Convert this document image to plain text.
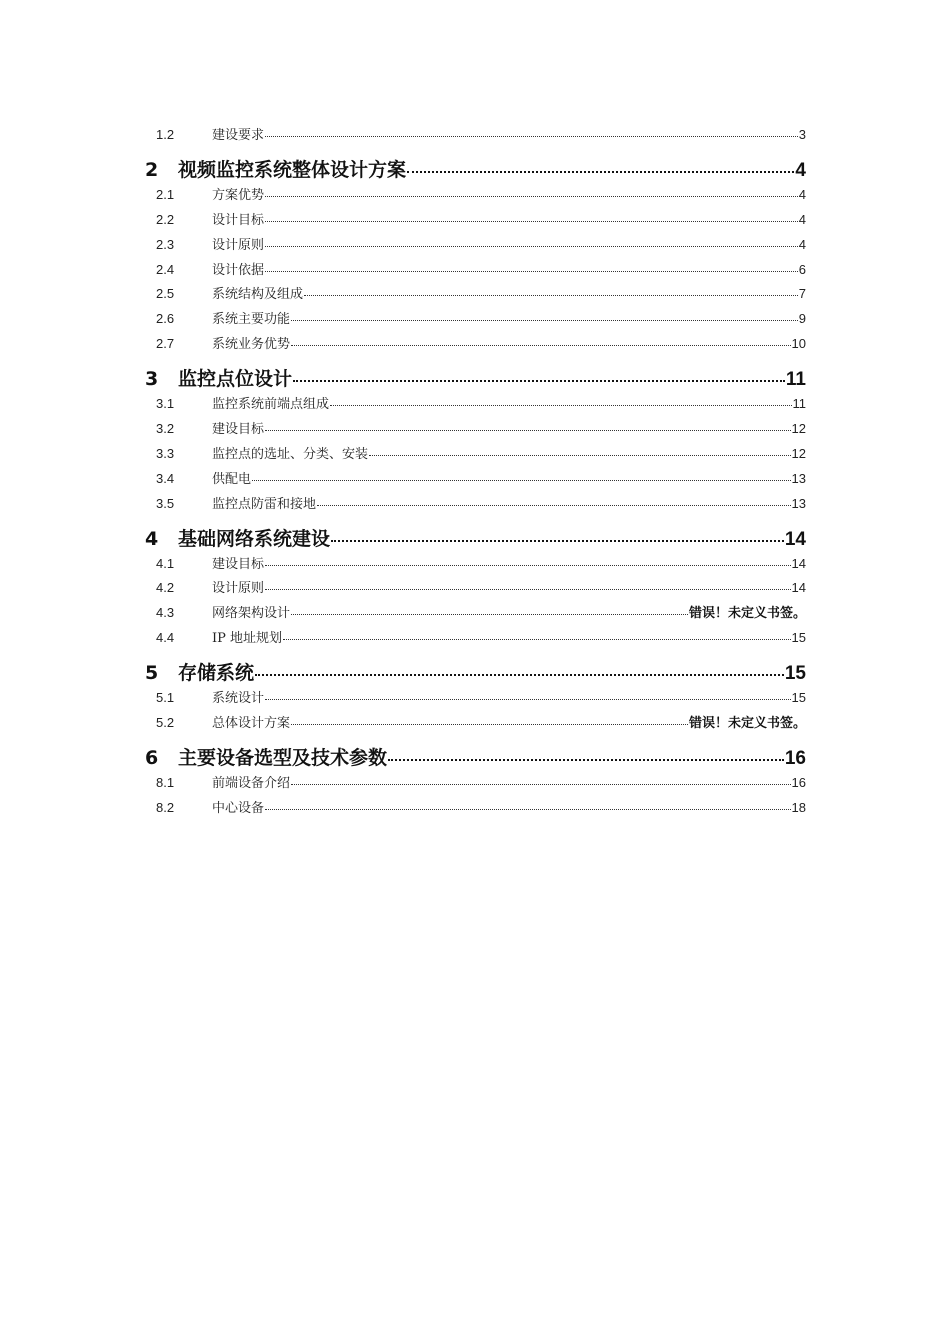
1.2	建设要求	3
2	视频监控系统整体设计方案	4
2.1	方案优势	4
2.2	设计目标	4
2.3	设计原则	4
2.4	设计依据	6
2.5	系统结构及组成	7
2.6	系统主要功能	9
2.7	系统业务优势	10
3	监控点位设计	11
3.1	监控系统前端点组成	11
3.2	建设目标	12
3.3	监控点的选址、分类、安装	12
3.4	供配电	13
3.5	监控点防雷和接地	13
4	基础网络系统建设	14
4.1	建设目标	14
4.2	设计原则	14
4.3	网络架构设计	错误！未定义书签。
4.4	IP 地址规划	15
5	存储系统	15
5.1	系统设计	15
5.2	总体设计方案	错误！未定义书签。
6	主要设备选型及技术参数	16
8.1	前端设备介绍	16
8.2	中心设备	18
